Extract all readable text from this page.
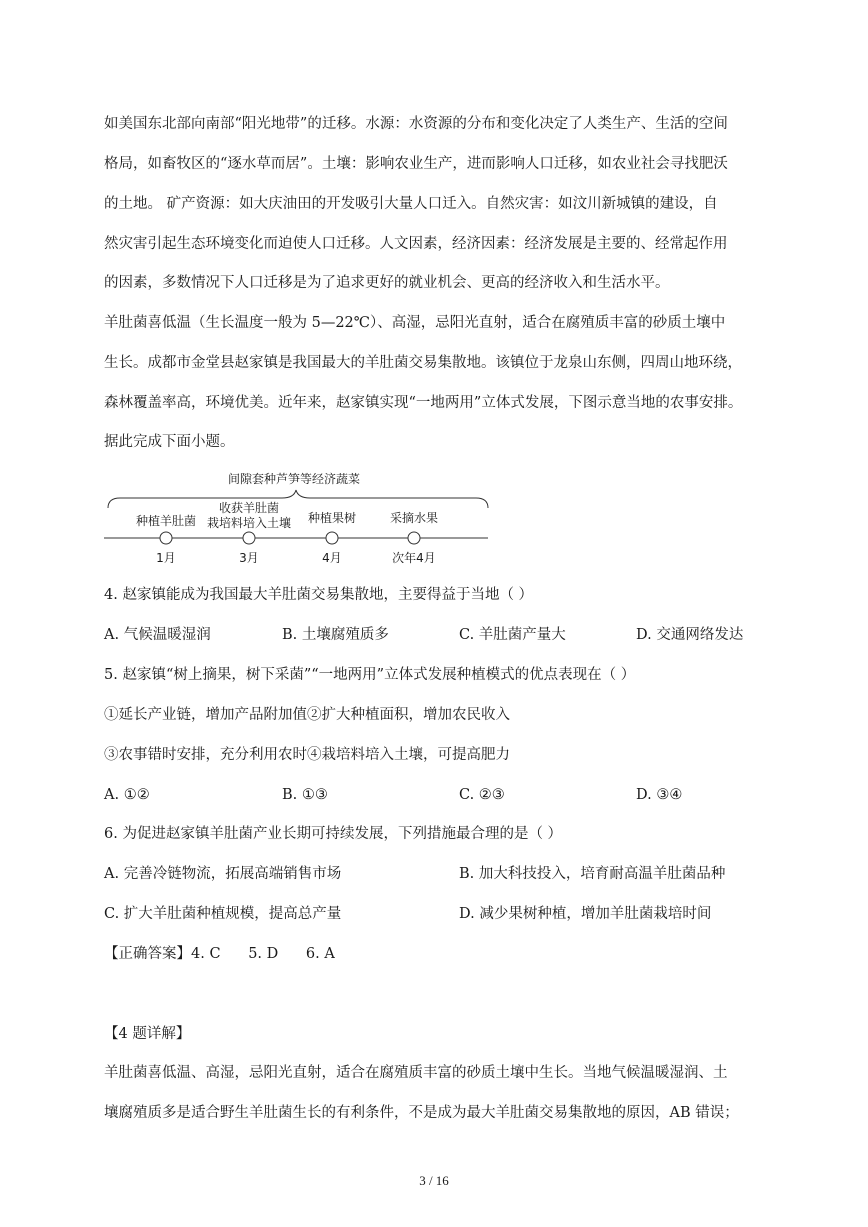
如美国东北部向南部“阳光地带”的迁移。水源：水资源的分布和变化决定了人类生产、生活的空间
格局，如畜牧区的“逐水草而居”。土壤：影响农业生产，进而影响人口迁移，如农业社会寻找肥沃
的土地。 矿产资源：如大庆油田的开发吸引大量人口迁入。自然灾害：如汶川新城镇的建设，自
然灾害引起生态环境变化而迫使人口迁移。人文因素，经济因素：经济发展是主要的、经常起作用
的因素，多数情况下人口迁移是为了追求更好的就业机会、更高的经济收入和生活水平。
羊肚菌喜低温（生长温度一般为 5—22℃）、高湿，忌阳光直射，适合在腐殖质丰富的砂质土壤中
生长。成都市金堂县赵家镇是我国最大的羊肚菌交易集散地。该镇位于龙泉山东侧，四周山地环绕，
森林覆盖率高，环境优美。近年来，赵家镇实现“一地两用”立体式发展，下图示意当地的农事安排。
据此完成下面小题。
间隙套种芦笋等经济蔬菜
种植羊肚菌
1月
收获羊肚菌
栽培料培入土壤
3月
种植果树
4月
采摘水果
次年4月
4. 赵家镇能成为我国最大羊肚菌交易集散地，主要得益于当地（ ）
A. 气候温暖湿润	B. 土壤腐殖质多	C. 羊肚菌产量大	D. 交通网络发达
5. 赵家镇“树上摘果，树下采菌”“一地两用”立体式发展种植模式的优点表现在（ ）
①延长产业链，增加产品附加值②扩大种植面积，增加农民收入
③农事错时安排，充分利用农时④栽培料培入土壤，可提高肥力
A. ①②	B. ①③	C. ②③	D. ③④
6. 为促进赵家镇羊肚菌产业长期可持续发展，下列措施最合理的是（ ）
A. 完善冷链物流，拓展高端销售市场	B. 加大科技投入，培育耐高温羊肚菌品种
C. 扩大羊肚菌种植规模，提高总产量	D. 减少果树种植，增加羊肚菌栽培时间
【正确答案】4. C      5. D      6. A
【4 题详解】
羊肚菌喜低温、高湿，忌阳光直射，适合在腐殖质丰富的砂质土壤中生长。当地气候温暖湿润、土
壤腐殖质多是适合野生羊肚菌生长的有利条件，不是成为最大羊肚菌交易集散地的原因，AB 错误；
3 / 16
